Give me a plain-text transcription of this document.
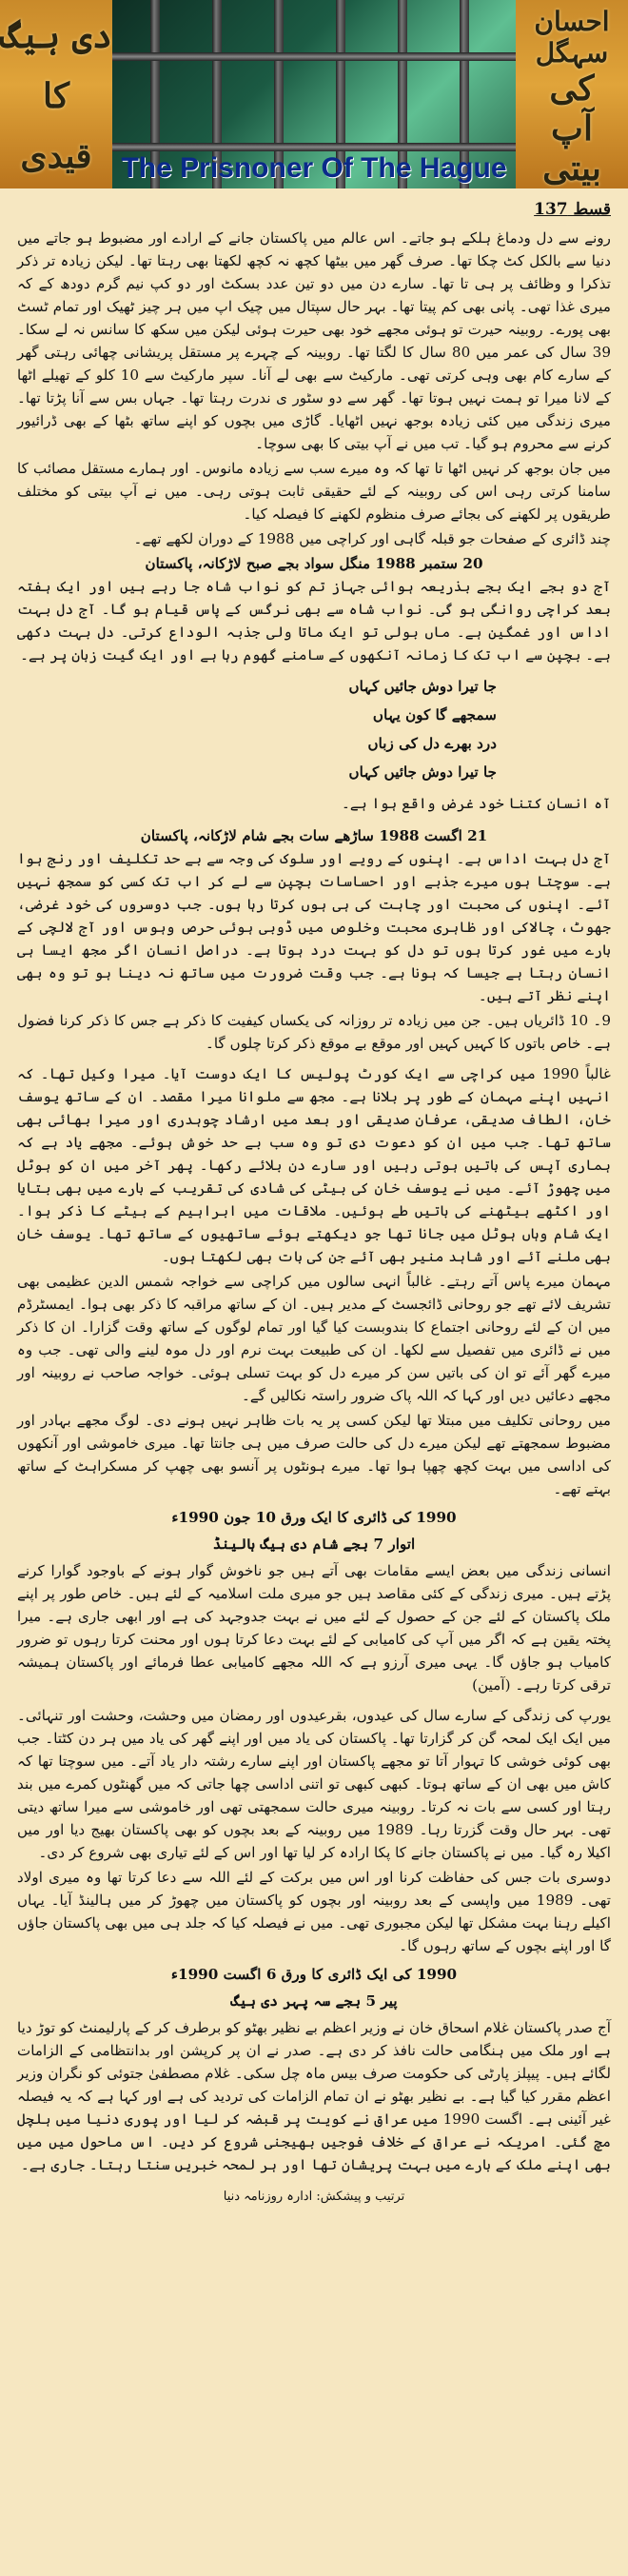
دی ہیگ
کا
قیدی
احسان سہگل
کی
آپ بیتی
The Prisnoner Of The Hague
قسط 137

رونے سے دل ودماغ ہلکے ہو جاتے۔ اس عالم میں پاکستان جانے کے ارادے اور مضبوط ہو جاتے میں دنیا سے بالکل کٹ چکا تھا۔ صرف گھر میں بیٹھا کچھ نہ کچھ لکھتا بھی رہتا تھا۔ لیکن زیادہ تر ذکر تذکرا و وظائف پر ہی تا تھا۔ سارے دن میں دو تین عدد بسکٹ اور دو کپ نیم گرم دودھ کے کہ میری غذا تھی۔ پانی بھی کم پیتا تھا۔ بہر حال سپتال میں چیک اپ میں ہر چیز ٹھیک اور تمام ٹسٹ بھی پورے۔ روبینہ حیرت تو ہوئی مجھے خود بھی حیرت ہوئی لیکن میں سکھ کا سانس نہ لے سکا۔ 39 سال کی عمر میں 80 سال کا لگتا تھا۔ روبینہ کے چہرے پر مستقل پریشانی چھائی رہتی گھر کے سارے کام بھی وہی کرتی تھی۔ مارکیٹ سے بھی لے آنا۔ سپر مارکیٹ سے 10 کلو کے تھیلے اٹھا کے لانا میرا تو ہمت نہیں ہوتا تھا۔ گھر سے دو سٹور ی ندرت رہتا تھا۔ جہاں بس سے آنا پڑتا تھا۔ میری زندگی میں کئی زیادہ بوجھ نہیں اٹھایا۔ گاڑی میں بچوں کو اپنے ساتھ بٹھا کے بھی ڈرائیور کرنے سے محروم ہو گیا۔ تب میں نے آپ بیتی کا بھی سوچا۔

میں جان بوجھ کر نہیں اٹھا تا تھا کہ وہ میرے سب سے زیادہ مانوس۔ اور ہمارے مستقل مصائب کا سامنا کرتی رہی اس کی روبینہ کے لئے حقیقی ثابت ہوتی رہی۔ میں نے آپ بیتی کو مختلف طریقوں پر لکھنے کی بجائے صرف منظوم لکھنے کا فیصلہ کیا۔

چند ڈائری کے صفحات جو قبلہ گاہی اور کراچی میں 1988 کے دوران لکھے تھے۔

20 ستمبر 1988 منگل سواد بجے صبح لاڑکانہ، پاکستان

آج دو بجے ایک بجے بذریعہ ہوائی جہاز تم کو نواب شاہ جا رہے ہیں اور ایک ہفتہ بعد کراچی روانگی ہو گی۔ نواب شاہ سے بھی نرگس کے پاس قیام ہو گا۔ آج دل بہت اداس اور غمگین ہے۔ ماں بولی تو ایک ماتا ولی جذبہ الوداع کرتی۔ دل بہت دکھی ہے۔ بچپن سے اب تک کا زمانہ آنکھوں کے سامنے گھوم رہا ہے اور ایک گیت زبان پر ہے۔

جا تیرا دوش جائیں کہاں
سمجھے گا کون یہاں
درد بھرے دل کی زباں
جا تیرا دوش جائیں کہاں

آہ انسان کتنا خود غرض واقع ہوا ہے۔

21 اگست 1988 ساڑھے سات بجے شام لاڑکانہ، پاکستان

آج دل بہت اداس ہے۔ اپنوں کے رویے اور سلوک کی وجہ سے بے حد تکلیف اور رنج ہوا ہے۔ سوچتا ہوں میرے جذبے اور احساسات بچپن سے لے کر اب تک کسی کو سمجھ نہیں آئے۔ اپنوں کی محبت اور چاہت کی ہی ہوں کرتا رہا ہوں۔ جب دوسروں کی خود غرضی، جھوٹ، چالاکی اور ظاہری محبت وخلوص میں ڈوبی ہوئی حرص وہوس اور آج لالچی کے بارے میں غور کرتا ہوں تو دل کو بہت درد ہوتا ہے۔ دراصل انسان اگر مجھ ایسا ہی انسان رہتا ہے جیسا کہ ہونا ہے۔ جب وقت ضرورت میں ساتھ نہ دینا ہو تو وہ بھی اپنے نظر آتے ہیں۔

9۔ 10 ڈائریاں ہیں۔ جن میں زیادہ تر روزانہ کی یکساں کیفیت کا ذکر ہے جس کا ذکر کرنا فضول ہے۔ خاص باتوں کا کہیں کہیں اور موقع بے موقع ذکر کرتا چلوں گا۔

غالباً 1990 میں کراچی سے ایک کورٹ پولیس کا ایک دوست آیا۔ میرا وکیل تھا۔ کہ انہیں اپنے مہمان کے طور پر بلانا ہے۔ مجھ سے ملوانا میرا مقصد۔ ان کے ساتھ یوسف خان، الطاف صدیقی، عرفان صدیقی اور بعد میں ارشاد چوہدری اور میرا بھائی بھی ساتھ تھا۔ جب میں ان کو دعوت دی تو وہ سب بے حد خوش ہوئے۔ مجھے یاد ہے کہ ہماری آپس کی باتیں ہوتی رہیں اور سارے دن بلائے رکھا۔ پھر آخر میں ان کو ہوٹل میں چھوڑ آئے۔ میں نے یوسف خان کی بیٹی کی شادی کی تقریب کے بارے میں بھی بتایا اور اکٹھے بیٹھنے کی باتیں طے ہوئیں۔ ملاقات میں ابراہیم کے بیٹے کا ذکر ہوا۔ ایک شام وہاں ہوٹل میں جانا تھا جو دیکھتے ہوئے ساتھیوں کے ساتھ تھا۔ یوسف خان بھی ملنے آئے اور شاہد منیر بھی آئے جن کی بات بھی لکھتا ہوں۔

مہمان میرے پاس آتے رہتے۔ غالباً انہی سالوں میں کراچی سے خواجہ شمس الدین عظیمی بھی تشریف لائے تھے جو روحانی ڈائجسٹ کے مدیر ہیں۔ ان کے ساتھ مراقبہ کا ذکر بھی ہوا۔ ایمسٹرڈم میں ان کے لئے روحانی اجتماع کا بندوبست کیا گیا اور تمام لوگوں کے ساتھ وقت گزارا۔ ان کا ذکر میں نے ڈائری میں تفصیل سے لکھا۔ ان کی طبیعت بہت نرم اور دل موہ لینے والی تھی۔ جب وہ میرے گھر آئے تو ان کی باتیں سن کر میرے دل کو بہت تسلی ہوئی۔ خواجہ صاحب نے روبینہ اور مجھے دعائیں دیں اور کہا کہ اللہ پاک ضرور راستہ نکالیں گے۔

میں روحانی تکلیف میں مبتلا تھا لیکن کسی پر یہ بات ظاہر نہیں ہونے دی۔ لوگ مجھے بہادر اور مضبوط سمجھتے تھے لیکن میرے دل کی حالت صرف میں ہی جانتا تھا۔ میری خاموشی اور آنکھوں کی اداسی میں بہت کچھ چھپا ہوا تھا۔ میرے ہونٹوں پر آنسو بھی چھپ کر مسکراہٹ کے ساتھ بہتے تھے۔

1990 کی ڈائری کا ایک ورق 10 جون 1990ء
اتوار 7 بجے شام دی ہیگ ہالینڈ

انسانی زندگی میں بعض ایسے مقامات بھی آتے ہیں جو ناخوش گوار ہونے کے باوجود گوارا کرنے پڑتے ہیں۔ میری زندگی کے کئی مقاصد ہیں جو میری ملت اسلامیہ کے لئے ہیں۔ خاص طور پر اپنے ملک پاکستان کے لئے جن کے حصول کے لئے میں نے بہت جدوجہد کی ہے اور ابھی جاری ہے۔ میرا پختہ یقین ہے کہ اگر میں آپ کی کامیابی کے لئے بہت دعا کرتا ہوں اور محنت کرتا رہوں تو ضرور کامیاب ہو جاؤں گا۔ یہی میری آرزو ہے کہ اللہ مجھے کامیابی عطا فرمائے اور پاکستان ہمیشہ ترقی کرتا رہے۔ (آمین)

یورپ کی زندگی کے سارے سال کی عیدوں، بقرعیدوں اور رمضان میں وحشت، وحشت اور تنہائی۔ میں ایک ایک لمحہ گن کر گزارتا تھا۔ پاکستان کی یاد میں اور اپنے گھر کی یاد میں ہر دن کٹتا۔ جب بھی کوئی خوشی کا تہوار آتا تو مجھے پاکستان اور اپنے سارے رشتہ دار یاد آتے۔ میں سوچتا تھا کہ کاش میں بھی ان کے ساتھ ہوتا۔ کبھی کبھی تو اتنی اداسی چھا جاتی کہ میں گھنٹوں کمرے میں بند رہتا اور کسی سے بات نہ کرتا۔ روبینہ میری حالت سمجھتی تھی اور خاموشی سے میرا ساتھ دیتی تھی۔ بہر حال وقت گزرتا رہا۔ 1989 میں روبینہ کے بعد بچوں کو بھی پاکستان بھیج دیا اور میں اکیلا رہ گیا۔ میں نے پاکستان جانے کا پکا ارادہ کر لیا تھا اور اس کے لئے تیاری بھی شروع کر دی۔

دوسری بات جس کی حفاظت کرنا اور اس میں برکت کے لئے اللہ سے دعا کرتا تھا وہ میری اولاد تھی۔ 1989 میں واپسی کے بعد روبینہ اور بچوں کو پاکستان میں چھوڑ کر میں ہالینڈ آیا۔ یہاں اکیلے رہنا بہت مشکل تھا لیکن مجبوری تھی۔ میں نے فیصلہ کیا کہ جلد ہی میں بھی پاکستان جاؤں گا اور اپنے بچوں کے ساتھ رہوں گا۔

1990 کی ایک ڈائری کا ورق 6 اگست 1990ء
پیر 5 بجے سہ پہر دی ہیگ

آج صدر پاکستان غلام اسحاق خان نے وزیر اعظم بے نظیر بھٹو کو برطرف کر کے پارلیمنٹ کو توڑ دیا ہے اور ملک میں ہنگامی حالت نافذ کر دی ہے۔ صدر نے ان پر کرپشن اور بدانتظامی کے الزامات لگائے ہیں۔ پیپلز پارٹی کی حکومت صرف بیس ماہ چل سکی۔ غلام مصطفیٰ جتوئی کو نگران وزیر اعظم مقرر کیا گیا ہے۔ بے نظیر بھٹو نے ان تمام الزامات کی تردید کی ہے اور کہا ہے کہ یہ فیصلہ غیر آئینی ہے۔ اگست 1990 میں عراق نے کویت پر قبضہ کر لیا اور پوری دنیا میں ہلچل مچ گئی۔ امریکہ نے عراق کے خلاف فوجیں بھیجنی شروع کر دیں۔ اس ماحول میں میں بھی اپنے ملک کے بارے میں بہت پریشان تھا اور ہر لمحہ خبریں سنتا رہتا۔ جاری ہے۔

ترتیب و پیشکش: ادارہ روزنامہ دنیا
